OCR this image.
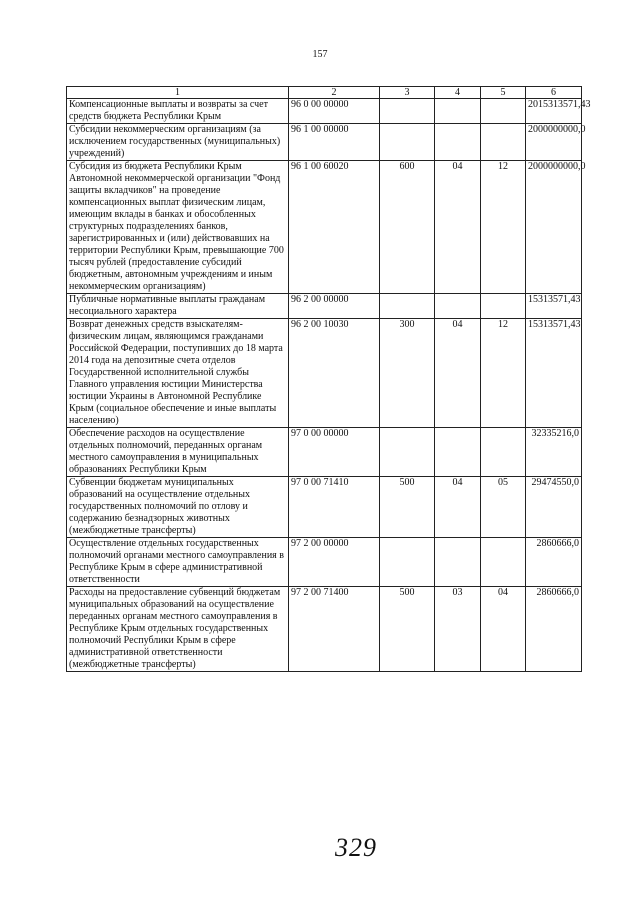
157
1	2	3	4	5	6
Компенсационные выплаты и возвраты за счет средств бюджета Республики Крым	96 0 00 00000				2015313571,43
Субсидии некоммерческим организациям (за исключением государственных (муниципальных) учреждений)	96 1 00 00000				2000000000,0
Субсидия из бюджета Республики Крым Автономной некоммерческой организации "Фонд защиты вкладчиков" на проведение компенсационных выплат физическим лицам, имеющим вклады в банках и обособленных структурных подразделениях банков, зарегистрированных и (или) действовавших на территории Республики Крым, превышающие 700 тысяч рублей (предоставление субсидий бюджетным, автономным учреждениям и иным некоммерческим организациям)	96 1 00 60020	600	04	12	2000000000,0
Публичные нормативные выплаты гражданам несоциального характера	96 2 00 00000				15313571,43
Возврат денежных средств взыскателям-физическим лицам, являющимся гражданами Российской Федерации, поступивших до 18 марта 2014 года на депозитные счета отделов Государственной исполнительной службы Главного управления юстиции Министерства юстиции Украины в Автономной Республике Крым (социальное обеспечение и иные выплаты населению)	96 2 00 10030	300	04	12	15313571,43
Обеспечение расходов на осуществление отдельных полномочий, переданных органам местного самоуправления в муниципальных образованиях Республики Крым	97 0 00 00000				32335216,0
Субвенции бюджетам муниципальных образований на осуществление отдельных государственных полномочий по отлову и содержанию безнадзорных животных (межбюджетные трансферты)	97 0 00 71410	500	04	05	29474550,0
Осуществление отдельных государственных полномочий органами местного самоуправления в Республике Крым в сфере административной ответственности	97 2 00 00000				2860666,0
Расходы на предоставление субвенций бюджетам муниципальных образований на осуществление переданных органам местного самоуправления в Республике Крым отдельных государственных полномочий Республики Крым в сфере административной ответственности (межбюджетные трансферты)	97 2 00 71400	500	03	04	2860666,0
329
